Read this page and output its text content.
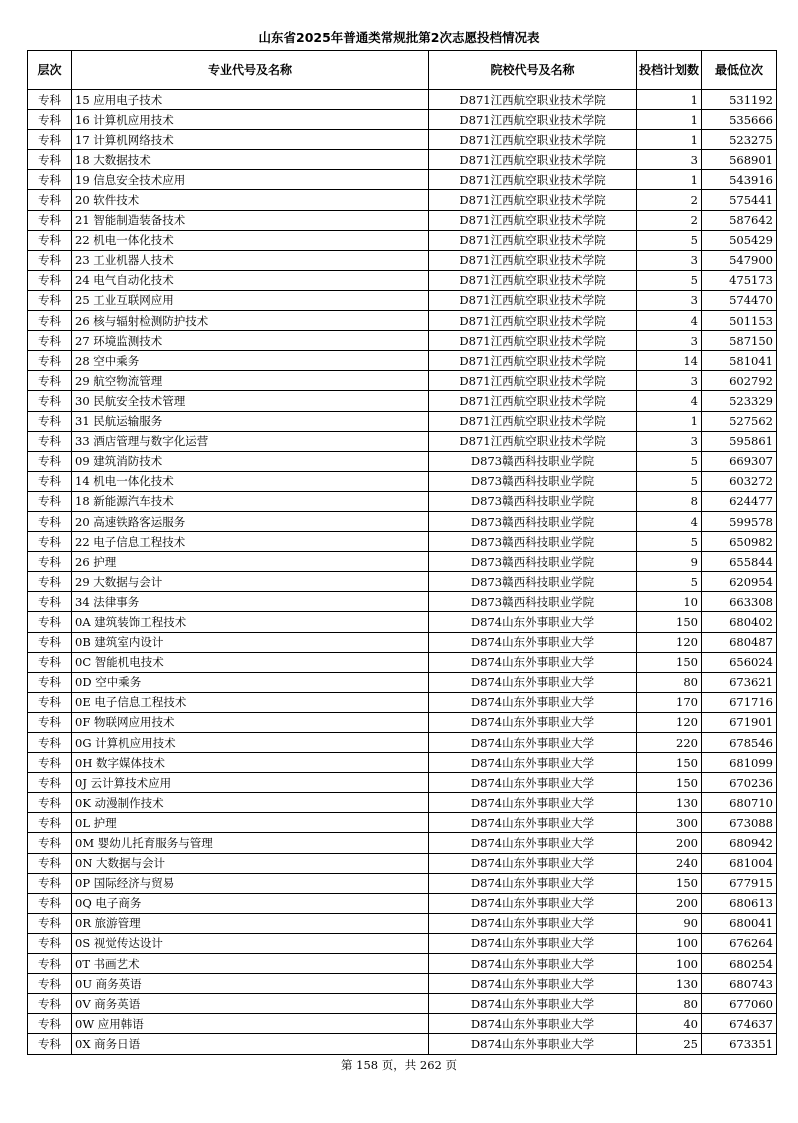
山东省2025年普通类常规批第2次志愿投档情况表
层次	专业代号及名称	院校代号及名称	投档计划数	最低位次
专科	15 应用电子技术	D871江西航空职业技术学院	1	531192
专科	16 计算机应用技术	D871江西航空职业技术学院	1	535666
专科	17 计算机网络技术	D871江西航空职业技术学院	1	523275
专科	18 大数据技术	D871江西航空职业技术学院	3	568901
专科	19 信息安全技术应用	D871江西航空职业技术学院	1	543916
专科	20 软件技术	D871江西航空职业技术学院	2	575441
专科	21 智能制造装备技术	D871江西航空职业技术学院	2	587642
专科	22 机电一体化技术	D871江西航空职业技术学院	5	505429
专科	23 工业机器人技术	D871江西航空职业技术学院	3	547900
专科	24 电气自动化技术	D871江西航空职业技术学院	5	475173
专科	25 工业互联网应用	D871江西航空职业技术学院	3	574470
专科	26 核与辐射检测防护技术	D871江西航空职业技术学院	4	501153
专科	27 环境监测技术	D871江西航空职业技术学院	3	587150
专科	28 空中乘务	D871江西航空职业技术学院	14	581041
专科	29 航空物流管理	D871江西航空职业技术学院	3	602792
专科	30 民航安全技术管理	D871江西航空职业技术学院	4	523329
专科	31 民航运输服务	D871江西航空职业技术学院	1	527562
专科	33 酒店管理与数字化运营	D871江西航空职业技术学院	3	595861
专科	09 建筑消防技术	D873赣西科技职业学院	5	669307
专科	14 机电一体化技术	D873赣西科技职业学院	5	603272
专科	18 新能源汽车技术	D873赣西科技职业学院	8	624477
专科	20 高速铁路客运服务	D873赣西科技职业学院	4	599578
专科	22 电子信息工程技术	D873赣西科技职业学院	5	650982
专科	26 护理	D873赣西科技职业学院	9	655844
专科	29 大数据与会计	D873赣西科技职业学院	5	620954
专科	34 法律事务	D873赣西科技职业学院	10	663308
专科	0A 建筑装饰工程技术	D874山东外事职业大学	150	680402
专科	0B 建筑室内设计	D874山东外事职业大学	120	680487
专科	0C 智能机电技术	D874山东外事职业大学	150	656024
专科	0D 空中乘务	D874山东外事职业大学	80	673621
专科	0E 电子信息工程技术	D874山东外事职业大学	170	671716
专科	0F 物联网应用技术	D874山东外事职业大学	120	671901
专科	0G 计算机应用技术	D874山东外事职业大学	220	678546
专科	0H 数字媒体技术	D874山东外事职业大学	150	681099
专科	0J 云计算技术应用	D874山东外事职业大学	150	670236
专科	0K 动漫制作技术	D874山东外事职业大学	130	680710
专科	0L 护理	D874山东外事职业大学	300	673088
专科	0M 婴幼儿托育服务与管理	D874山东外事职业大学	200	680942
专科	0N 大数据与会计	D874山东外事职业大学	240	681004
专科	0P 国际经济与贸易	D874山东外事职业大学	150	677915
专科	0Q 电子商务	D874山东外事职业大学	200	680613
专科	0R 旅游管理	D874山东外事职业大学	90	680041
专科	0S 视觉传达设计	D874山东外事职业大学	100	676264
专科	0T 书画艺术	D874山东外事职业大学	100	680254
专科	0U 商务英语	D874山东外事职业大学	130	680743
专科	0V 商务英语	D874山东外事职业大学	80	677060
专科	0W 应用韩语	D874山东外事职业大学	40	674637
专科	0X 商务日语	D874山东外事职业大学	25	673351
第 158 页，共 262 页
